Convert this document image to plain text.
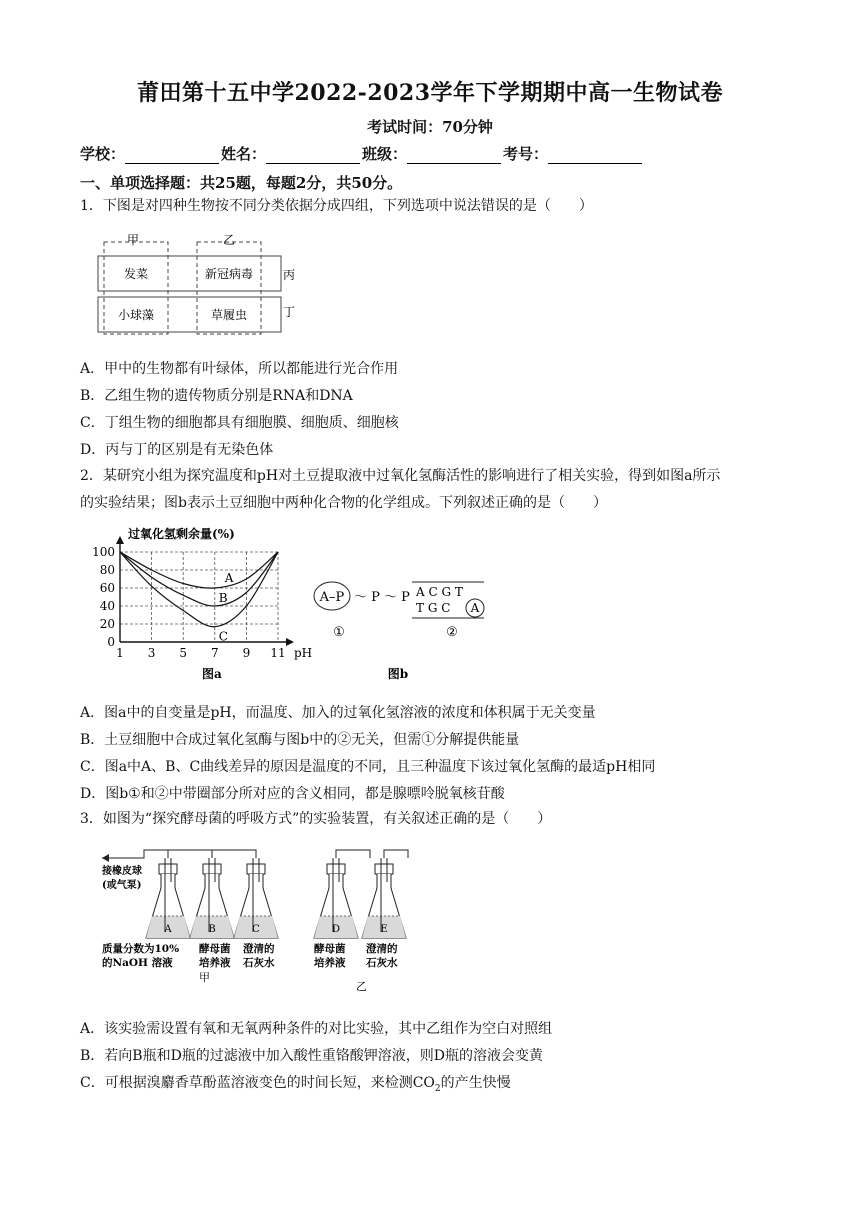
莆田第十五中学2022-2023学年下学期期中高一生物试卷
考试时间：70分钟
学校：	姓名：	班级：	考号：
一、单项选择题：共25题，每题2分，共50分。
1．下图是对四种生物按不同分类依据分成四组，下列选项中说法错误的是（　　）
甲	乙
丙
丁
发菜	新冠病毒
小球藻	草履虫
A．甲中的生物都有叶绿体，所以都能进行光合作用
B．乙组生物的遗传物质分别是RNA和DNA
C．丁组生物的细胞都具有细胞膜、细胞质、细胞核
D．丙与丁的区别是有无染色体
2．某研究小组为探究温度和pH对土豆提取液中过氧化氢酶活性的影响进行了相关实验，得到如图a所示
的实验结果；图b表示土豆细胞中两种化合物的化学组成。下列叙述正确的是（　　）
0
20
40
60
80
100
1 3 5 7 9 11
A
B
C
过氧化氢剩余量(%)
pH
图a
A–P ～ P ～ P
①
A C G T
T G C A
②
图b
A．图a中的自变量是pH，而温度、加入的过氧化氢溶液的浓度和体积属于无关变量
B．土豆细胞中合成过氧化氢酶与图b中的②无关，但需①分解提供能量
C．图a中A、B、C曲线差异的原因是温度的不同，且三种温度下该过氧化氢酶的最适pH相同
D．图b①和②中带圈部分所对应的含义相同，都是腺嘌呤脱氧核苷酸
3．如图为“探究酵母菌的呼吸方式”的实验装置，有关叙述正确的是（　　）
接橡皮球
(或气泵)
A	B	C	D	E
质量分数为10%
的NaOH 溶液
酵母菌
培养液
澄清的
石灰水
酵母菌
培养液
澄清的
石灰水
甲
乙
A．该实验需设置有氧和无氧两种条件的对比实验，其中乙组作为空白对照组
B．若向B瓶和D瓶的过滤液中加入酸性重铬酸钾溶液，则D瓶的溶液会变黄
C．可根据溴麝香草酚蓝溶液变色的时间长短，来检测$CO_2$的产生快慢
